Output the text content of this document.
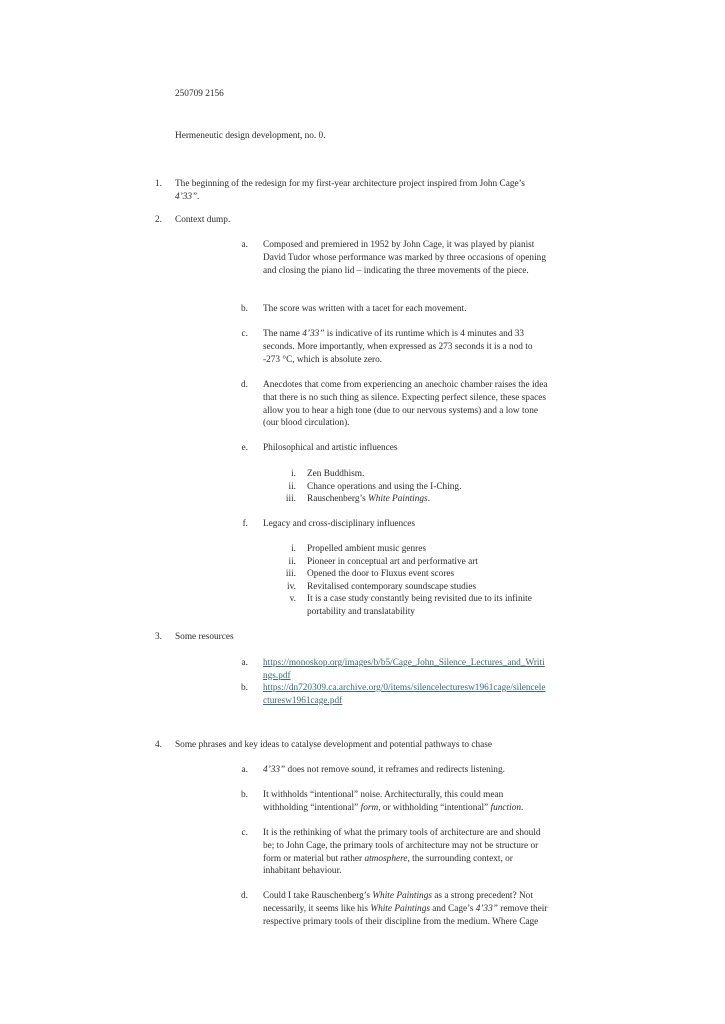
250709 2156
Hermeneutic design development, no. 0.
1. The beginning of the redesign for my first-year architecture project inspired from John Cage’s
4’33”.
2. Context dump.
a. Composed and premiered in 1952 by John Cage, it was played by pianist David Tudor whose performance was marked by three occasions of opening and closing the piano lid – indicating the three movements of the piece.
b. The score was written with a tacet for each movement.
c. The name 4’33” is indicative of its runtime which is 4 minutes and 33 seconds. More importantly, when expressed as 273 seconds it is a nod to -273 °C, which is absolute zero.
d. Anecdotes that come from experiencing an anechoic chamber raises the idea that there is no such thing as silence. Expecting perfect silence, these spaces allow you to hear a high tone (due to our nervous systems) and a low tone (our blood circulation).
e. Philosophical and artistic influences
i. Zen Buddhism.
ii. Chance operations and using the I-Ching.
iii. Rauschenberg’s White Paintings.
f. Legacy and cross-disciplinary influences
i. Propelled ambient music genres
ii. Pioneer in conceptual art and performative art
iii. Opened the door to Fluxus event scores
iv. Revitalised contemporary soundscape studies
v. It is a case study constantly being revisited due to its infinite portability and translatability
3. Some resources
a. https://monoskop.org/images/b/b5/Cage_John_Silence_Lectures_and_Writings.pdf
b. https://dn720309.ca.archive.org/0/items/silencelecturesw1961cage/silencelecturesw1961cage.pdf
4. Some phrases and key ideas to catalyse development and potential pathways to chase
a. 4’33” does not remove sound, it reframes and redirects listening.
b. It withholds “intentional” noise. Architecturally, this could mean withholding “intentional” form, or withholding “intentional” function.
c. It is the rethinking of what the primary tools of architecture are and should be; to John Cage, the primary tools of architecture may not be structure or form or material but rather atmosphere, the surrounding context, or inhabitant behaviour.
d. Could I take Rauschenberg’s White Paintings as a strong precedent? Not necessarily, it seems like his White Paintings and Cage’s 4’33” remove their respective primary tools of their discipline from the medium. Where Cage
